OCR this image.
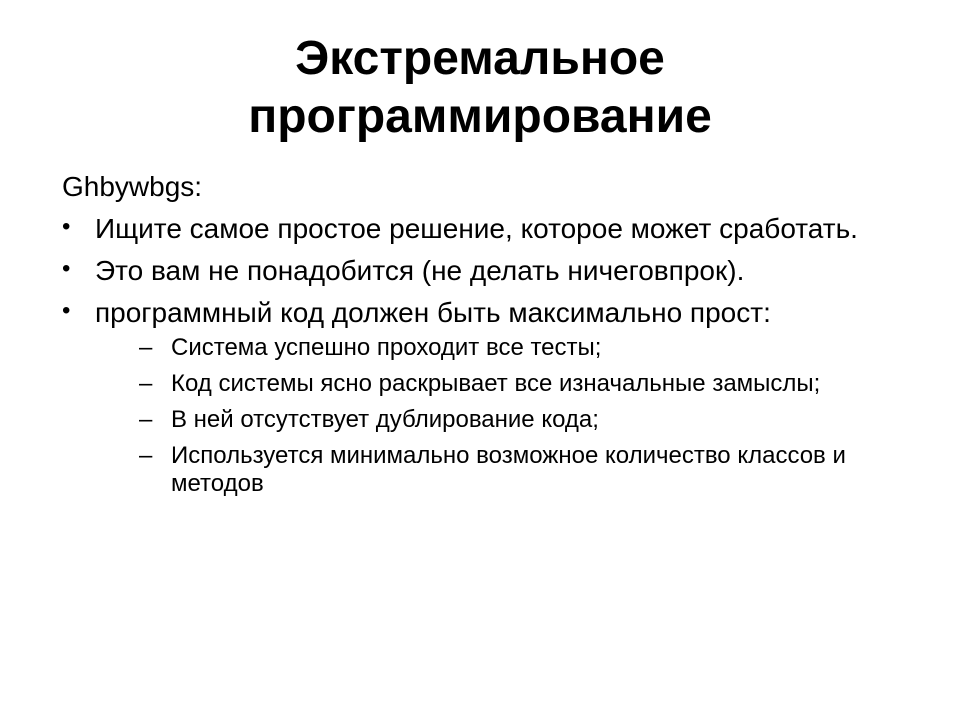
Экстремальное
программирование
Ghbywbgs:
• Ищите самое простое решение, которое может сработать.
• Это вам не понадобится (не делать ничеговпрок).
• программный код должен быть максимально прост:
– Система успешно проходит все тесты;
– Код системы ясно раскрывает все изначальные замыслы;
– В ней отсутствует дублирование кода;
– Используется минимально возможное количество классов и методов
